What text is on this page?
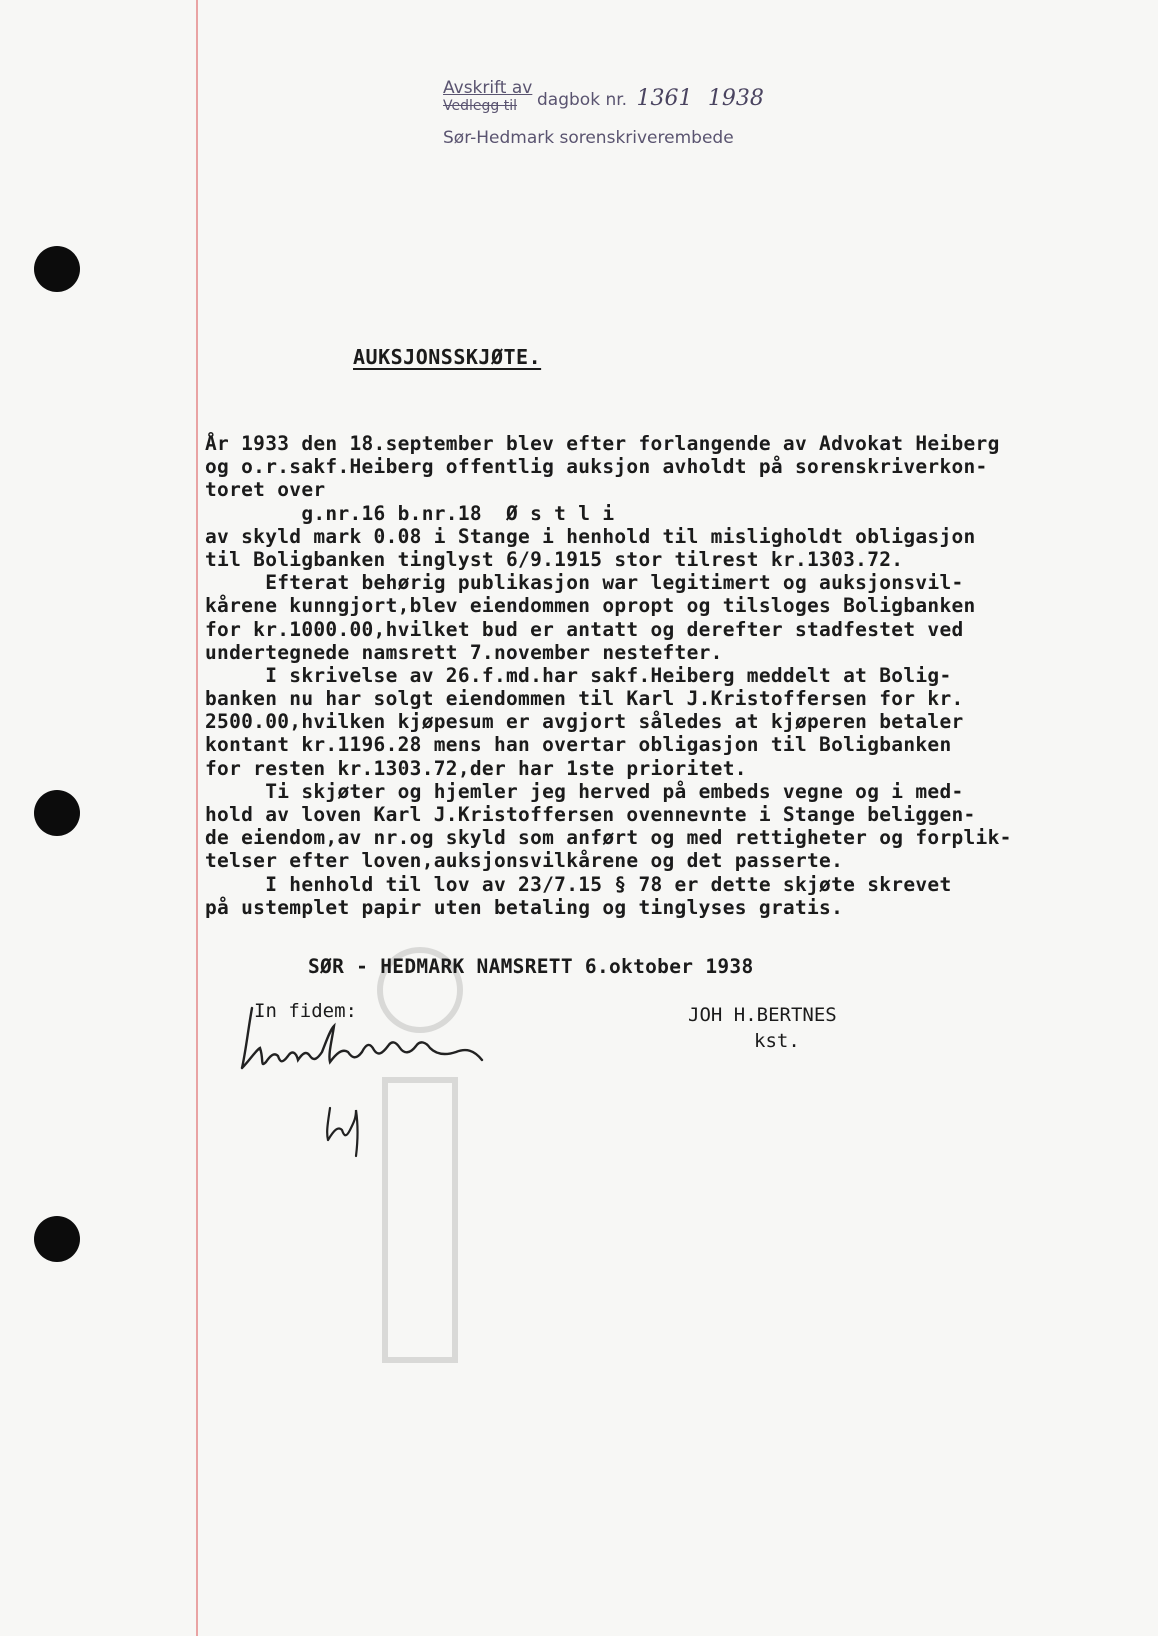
Avskrift av
Vedlegg til dagbok nr. 1361 1938
Sør-Hedmark sorenskriverembede
AUKSJONSSKJØTE.
År 1933 den 18.september blev efter forlangende av Advokat Heiberg
og o.r.sakf.Heiberg offentlig auksjon avholdt på sorenskriverkon-
toret over
g.nr.16 b.nr.18  Ø s t l i
av skyld mark 0.08 i Stange i henhold til misligholdt obligasjon
til Boligbanken tinglyst 6/9.1915 stor tilrest kr.1303.72.
Efterat behørig publikasjon war legitimert og auksjonsvil-
kårene kunngjort,blev eiendommen opropt og tilsloges Boligbanken
for kr.1000.00,hvilket bud er antatt og derefter stadfestet ved
undertegnede namsrett 7.november nestefter.
I skrivelse av 26.f.md.har sakf.Heiberg meddelt at Bolig-
banken nu har solgt eiendommen til Karl J.Kristoffersen for kr.
2500.00,hvilken kjøpesum er avgjort således at kjøperen betaler
kontant kr.1196.28 mens han overtar obligasjon til Boligbanken
for resten kr.1303.72,der har 1ste prioritet.
Ti skjøter og hjemler jeg herved på embeds vegne og i med-
hold av loven Karl J.Kristoffersen ovennevnte i Stange beliggen-
de eiendom,av nr.og skyld som anført og med rettigheter og forplik-
telser efter loven,auksjonsvilkårene og det passerte.
I henhold til lov av 23/7.15 § 78 er dette skjøte skrevet
på ustemplet papir uten betaling og tinglyses gratis.
SØR - HEDMARK NAMSRETT 6.oktober 1938
In fidem:	JOH H.BERTNES
kst.
